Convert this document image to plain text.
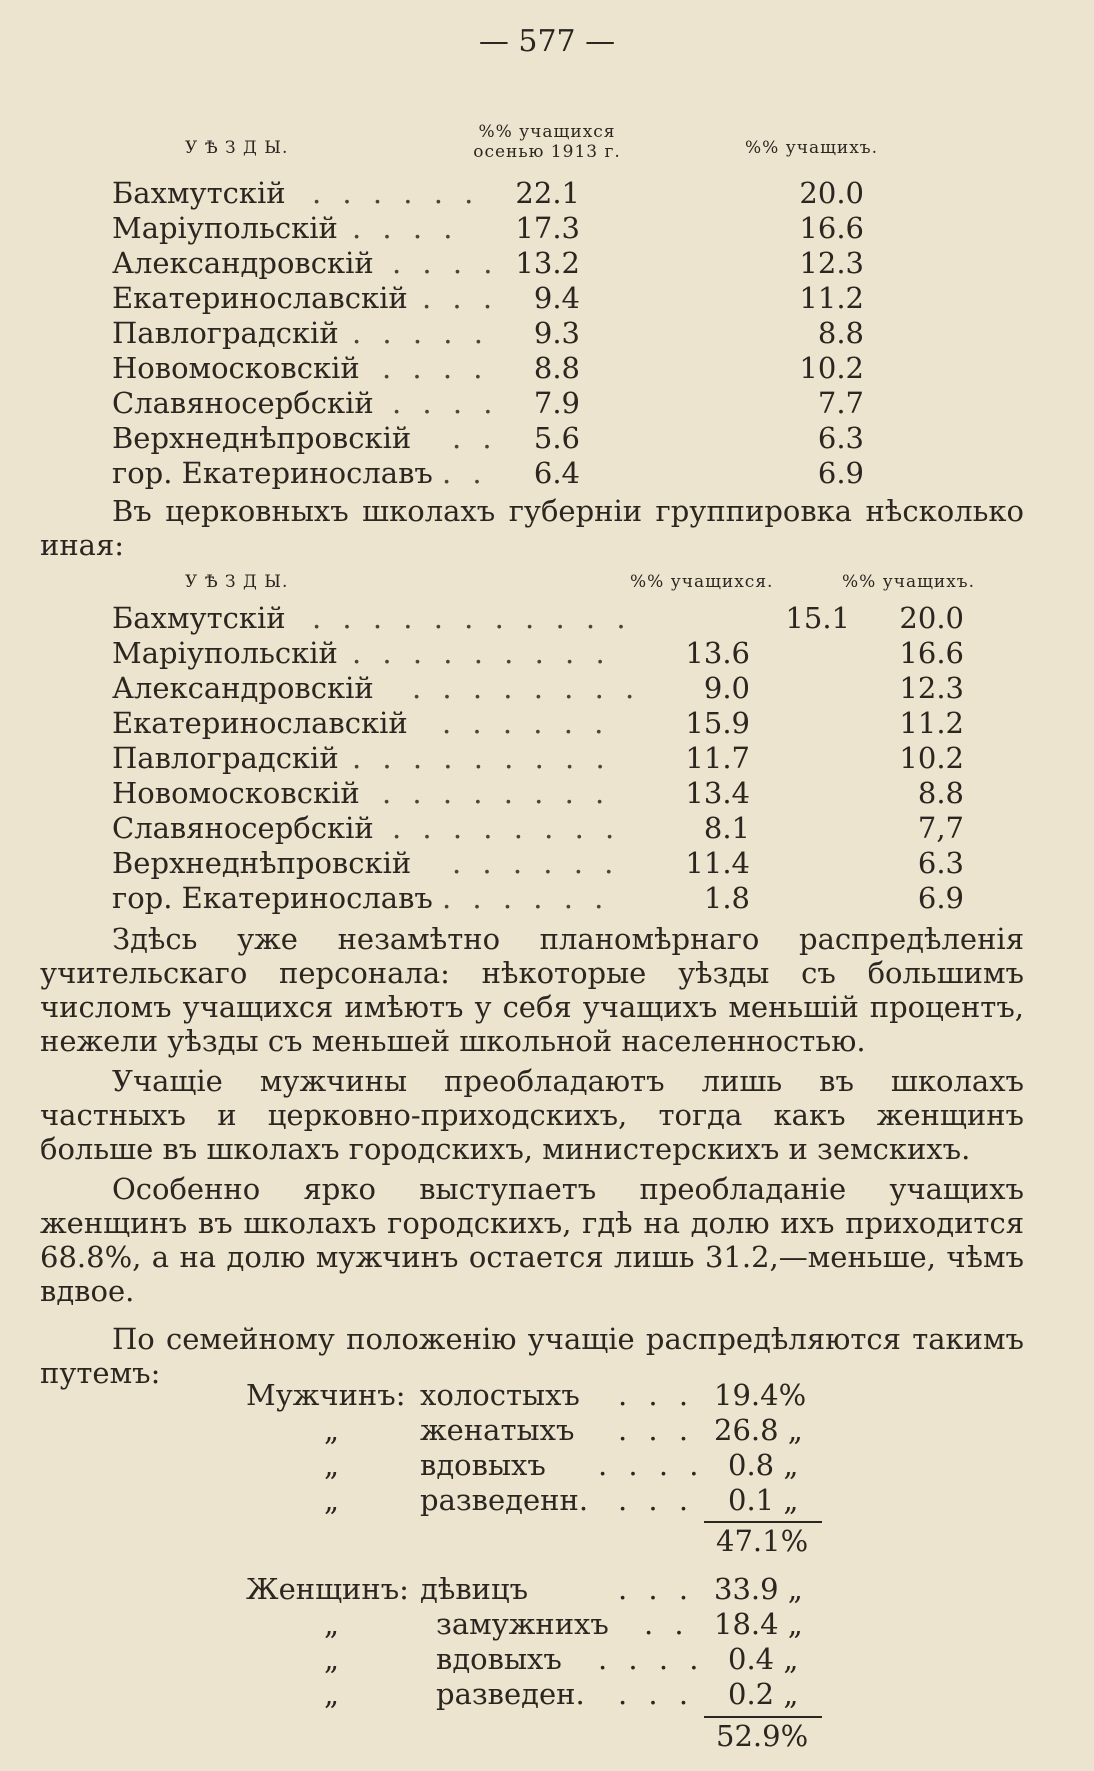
— 577 —
У Ѣ З Д Ы.
%% учащихся
осенью 1913 г.	%% учащихъ.
Бахмутскій . . . . . .	22.1	20.0
Маріупольскій . . . .	17.3	16.6
Александровскій . . . . 13.2	12.3
Екатеринославскій . . .	9.4	11.2
Павлоградскій . . . . .	9.3	8.8
Новомосковскій . . . .	8.8	10.2
Славяносербскій . . . .	7.9	7.7
Верхнеднѣпровскій . .	5.6	6.3
гор. Екатеринославъ . .	6.4	6.9

Въ церковныхъ школахъ губерніи группировка нѣсколько иная:

У Ѣ З Д Ы.	%% учащихся.	%% учащихъ.
Бахмутскій . . . . . . . . . . .	15.1	20.0
Маріупольскій . . . . . . . . .	13.6	16.6
Александровскій . . . . . . . .	9.0	12.3
Екатеринославскій . . . . . .	15.9	11.2
Павлоградскій . . . . . . . . .	11.7	10.2
Новомосковскій . . . . . . . .	13.4	8.8
Славяносербскій . . . . . . . .	8.1	7,7
Верхнеднѣпровскій . . . . . .	11.4	6.3
гор. Екатеринославъ . . . . . .	1.8	6.9

Здѣсь уже незамѣтно планомѣрнаго распредѣленія учительскаго персонала: нѣкоторые уѣзды съ большимъ числомъ учащихся имѣютъ у себя учащихъ меньшій процентъ, нежели уѣзды съ меньшей школьной населенностью.

Учащіе мужчины преобладаютъ лишь въ школахъ частныхъ и церковно-приходскихъ, тогда какъ женщинъ больше въ школахъ городскихъ, министерскихъ и земскихъ.

Особенно ярко выступаетъ преобладаніе учащихъ женщинъ въ школахъ городскихъ, гдѣ на долю ихъ приходится 68.8%, а на долю мужчинъ остается лишь 31.2,—меньше, чѣмъ вдвое.

По семейному положенію учащіе распредѣляются такимъ путемъ:

Мужчинъ: холостыхъ . . . 19.4%
„	женатыхъ . . . 26.8 „
„	вдовыхъ . . . . 0.8 „
„	разведенн. . . . 0.1 „
47.1%
Женщинъ: дѣвицъ	. . . 33.9 „
„	замужнихъ . . 18.4 „
„	вдовыхъ . . . . 0.4 „
„	разведен. . . . 0.2 „
52.9%
